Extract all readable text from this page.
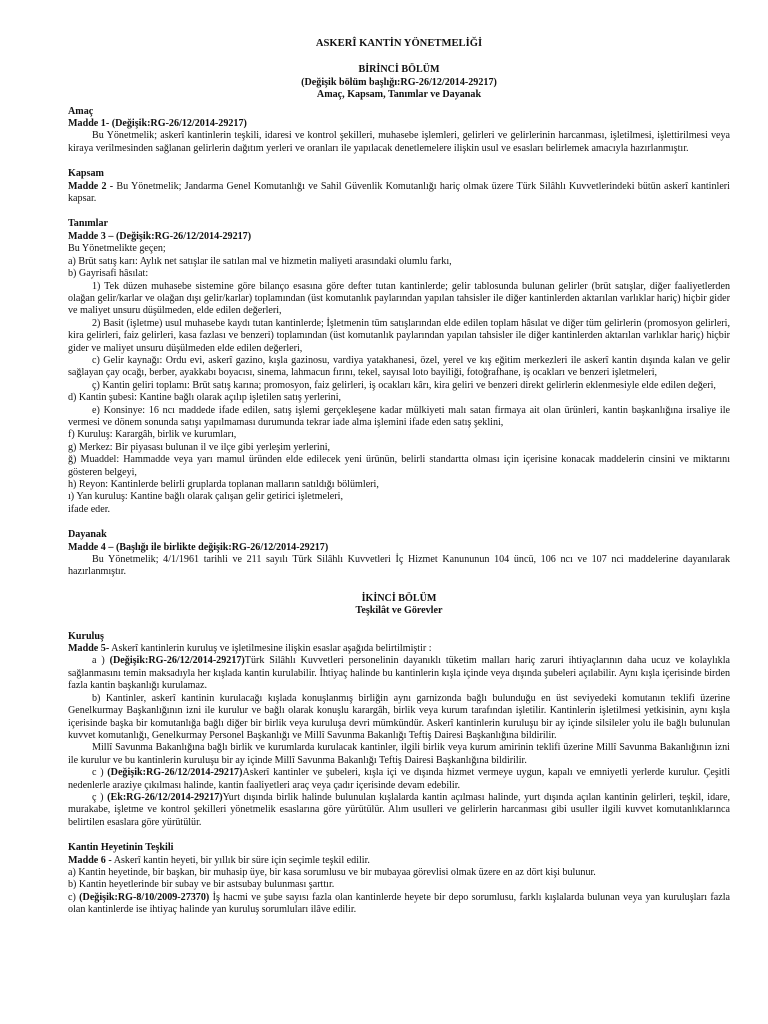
ASKERÎ KANTİN YÖNETMELİĞİ
BİRİNCİ BÖLÜM
(Değişik bölüm başlığı:RG-26/12/2014-29217)
Amaç, Kapsam, Tanımlar ve Dayanak
Amaç
Madde 1- (Değişik:RG-26/12/2014-29217)
Bu Yönetmelik; askerî kantinlerin teşkili, idaresi ve kontrol şekilleri, muhasebe işlemleri, gelirleri ve gelirlerinin harcanması, işletilmesi, işlettirilmesi veya kiraya verilmesinden sağlanan gelirlerin dağıtım yerleri ve oranları ile yapılacak denetlemelere ilişkin usul ve esasları belirlemek amacıyla hazırlanmıştır.
Kapsam
Madde 2 - Bu Yönetmelik; Jandarma Genel Komutanlığı ve Sahil Güvenlik Komutanlığı hariç olmak üzere Türk Silâhlı Kuvvetlerindeki bütün askerî kantinleri kapsar.
Tanımlar
Madde 3 – (Değişik:RG-26/12/2014-29217)
Bu Yönetmelikte geçen;
a) Brüt satış karı: Aylık net satışlar ile satılan mal ve hizmetin maliyeti arasındaki olumlu farkı,
b) Gayrisafi hâsılat:
1) Tek düzen muhasebe sistemine göre bilanço esasına göre defter tutan kantinlerde; gelir tablosunda bulunan gelirler (brüt satışlar, diğer faaliyetlerden olağan gelir/karlar ve olağan dışı gelir/karlar) toplamından (üst komutanlık paylarından yapılan tahsisler ile diğer kantinlerden aktarılan varlıklar hariç) hiçbir gider ve maliyet unsuru düşülmeden, elde edilen değerleri,
2) Basit (işletme) usul muhasebe kaydı tutan kantinlerde; İşletmenin tüm satışlarından elde edilen toplam hâsılat ve diğer tüm gelirlerin (promosyon gelirleri, kira gelirleri, faiz gelirleri, kasa fazlası ve benzeri) toplamından (üst komutanlık paylarından yapılan tahsisler ile diğer kantinlerden aktarılan varlıklar hariç) hiçbir gider ve maliyet unsuru düşülmeden elde edilen değerleri,
c) Gelir kaynağı: Ordu evi, askerî gazino, kışla gazinosu, vardiya yatakhanesi, özel, yerel ve kış eğitim merkezleri ile askerî kantin dışında kalan ve gelir sağlayan çay ocağı, berber, ayakkabı boyacısı, sinema, lahmacun fırını, tekel, sayısal loto bayiliği, fotoğrafhane, iş ocakları ve benzeri işletmeleri,
ç) Kantin geliri toplamı: Brüt satış karına; promosyon, faiz gelirleri, iş ocakları kârı, kira geliri ve benzeri direkt gelirlerin eklenmesiyle elde edilen değeri,
d) Kantin şubesi: Kantine bağlı olarak açılıp işletilen satış yerlerini,
e) Konsinye: 16 ncı maddede ifade edilen, satış işlemi gerçekleşene kadar mülkiyeti malı satan firmaya ait olan ürünleri, kantin başkanlığına irsaliye ile vermesi ve dönem sonunda satışı yapılmaması durumunda tekrar iade alma işlemini ifade eden satış şeklini,
f) Kuruluş: Karargâh, birlik ve kurumları,
g) Merkez: Bir piyasası bulunan il ve ilçe gibi yerleşim yerlerini,
ğ) Muaddel: Hammadde veya yarı mamul üründen elde edilecek yeni ürünün, belirli standartta olması için içerisine konacak maddelerin cinsini ve miktarını gösteren belgeyi,
h) Reyon: Kantinlerde belirli gruplarda toplanan malların satıldığı bölümleri,
ı) Yan kuruluş: Kantine bağlı olarak çalışan gelir getirici işletmeleri,
ifade eder.
Dayanak
Madde 4 – (Başlığı ile birlikte değişik:RG-26/12/2014-29217)
Bu Yönetmelik; 4/1/1961 tarihli ve 211 sayılı Türk Silâhlı Kuvvetleri İç Hizmet Kanununun 104 üncü, 106 ncı ve 107 nci maddelerine dayanılarak hazırlanmıştır.
İKİNCİ BÖLÜM
Teşkilât ve Görevler
Kuruluş
Madde 5- Askerî kantinlerin kuruluş ve işletilmesine ilişkin esaslar aşağıda belirtilmiştir :
a ) (Değişik:RG-26/12/2014-29217)Türk Silâhlı Kuvvetleri personelinin dayanıklı tüketim malları hariç zaruri ihtiyaçlarının daha ucuz ve kolaylıkla sağlanmasını temin maksadıyla her kışlada kantin kurulabilir. İhtiyaç halinde bu kantinlerin kışla içinde veya dışında şubeleri açılabilir. Aynı kışla içerisinde birden fazla kantin başkanlığı kurulamaz.
b) Kantinler, askerî kantinin kurulacağı kışlada konuşlanmış birliğin aynı garnizonda bağlı bulunduğu en üst seviyedeki komutanın teklifi üzerine Genelkurmay Başkanlığının izni ile kurulur ve bağlı olarak konuşlu karargâh, birlik veya kurum tarafından işletilir. Kantinlerin işletilmesi yetkisinin, aynı kışla içerisinde başka bir komutanlığa bağlı diğer bir birlik veya kuruluşa devri mümkündür. Askerî kantinlerin kuruluşu bir ay içinde silsileler yolu ile bağlı bulunulan kuvvet komutanlığı, Genelkurmay Personel Başkanlığı ve Millî Savunma Bakanlığı Teftiş Dairesi Başkanlığına bildirilir.
Millî Savunma Bakanlığına bağlı birlik ve kurumlarda kurulacak kantinler, ilgili birlik veya kurum amirinin teklifi üzerine Millî Savunma Bakanlığının izni ile kurulur ve bu kantinlerin kuruluşu bir ay içinde Millî Savunma Bakanlığı Teftiş Dairesi Başkanlığına bildirilir.
c ) (Değişik:RG-26/12/2014-29217)Askerî kantinler ve şubeleri, kışla içi ve dışında hizmet vermeye uygun, kapalı ve emniyetli yerlerde kurulur. Çeşitli nedenlerle araziye çıkılması halinde, kantin faaliyetleri araç veya çadır içerisinde devam edebilir.
ç ) (Ek:RG-26/12/2014-29217)Yurt dışında birlik halinde bulunulan kışlalarda kantin açılması halinde, yurt dışında açılan kantinin gelirleri, teşkil, idare, murakabe, işletme ve kontrol şekilleri yönetmelik esaslarına göre yürütülür. Alım usulleri ve gelirlerin harcanması gibi usuller ilgili kuvvet komutanlıklarınca belirtilen esaslara göre yürütülür.
Kantin Heyetinin Teşkili
Madde 6 - Askerî kantin heyeti, bir yıllık bir süre için seçimle teşkil edilir.
a) Kantin heyetinde, bir başkan, bir muhasip üye, bir kasa sorumlusu ve bir mubayaa görevlisi olmak üzere en az dört kişi bulunur.
b) Kantin heyetlerinde bir subay ve bir astsubay bulunması şarttır.
c) (Değişik:RG-8/10/2009-27370) İş hacmi ve şube sayısı fazla olan kantinlerde heyete bir depo sorumlusu, farklı kışlalarda bulunan veya yan kuruluşları fazla olan kantinlerde ise ihtiyaç halinde yan kuruluş sorumluları ilâve edilir.
